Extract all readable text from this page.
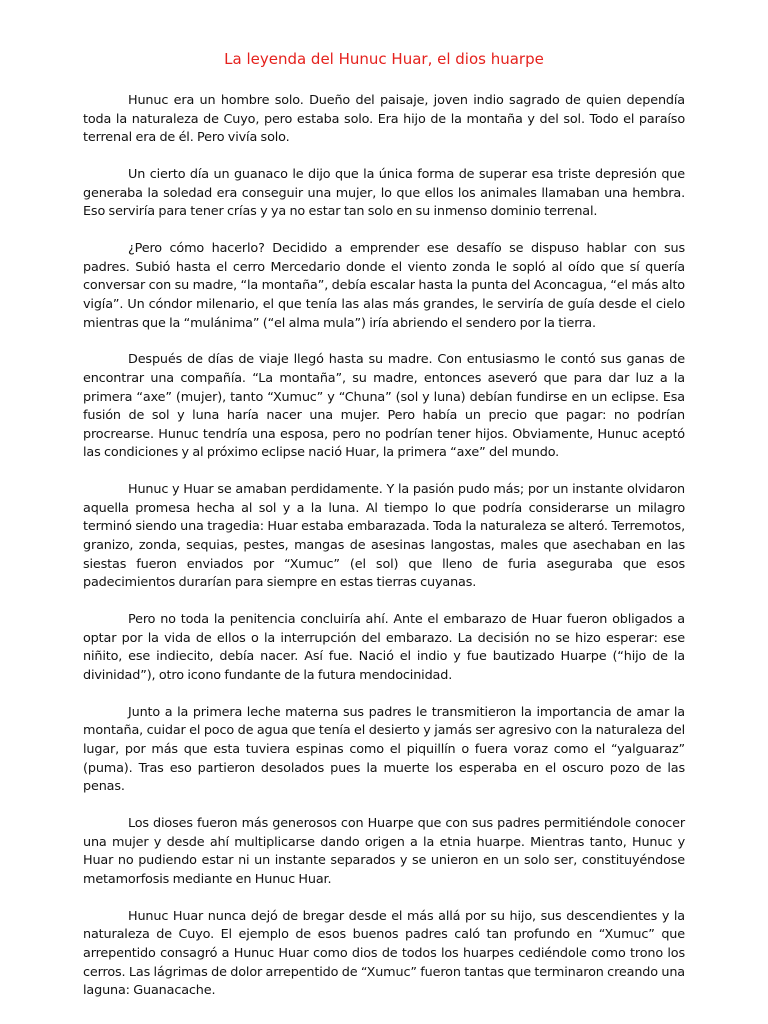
La leyenda del Hunuc Huar, el dios huarpe

Hunuc era un hombre solo. Dueño del paisaje, joven indio sagrado de quien dependía toda la naturaleza de Cuyo, pero estaba solo. Era hijo de la montaña y del sol. Todo el paraíso terrenal era de él. Pero vivía solo.

Un cierto día un guanaco le dijo que la única forma de superar esa triste depresión que generaba la soledad era conseguir una mujer, lo que ellos los animales llamaban una hembra. Eso serviría para tener crías y ya no estar tan solo en su inmenso dominio terrenal.

¿Pero cómo hacerlo? Decidido a emprender ese desafío se dispuso hablar con sus padres. Subió hasta el cerro Mercedario donde el viento zonda le sopló al oído que sí quería conversar con su madre, “la montaña”, debía escalar hasta la punta del Aconcagua, “el más alto vigía”. Un cóndor milenario, el que tenía las alas más grandes, le serviría de guía desde el cielo mientras que la “mulánima” (“el alma mula”) iría abriendo el sendero por la tierra.

Después de días de viaje llegó hasta su madre. Con entusiasmo le contó sus ganas de encontrar una compañía. “La montaña”, su madre, entonces aseveró que para dar luz a la primera “axe” (mujer), tanto “Xumuc” y “Chuna” (sol y luna) debían fundirse en un eclipse. Esa fusión de sol y luna haría nacer una mujer. Pero había un precio que pagar: no podrían procrearse. Hunuc tendría una esposa, pero no podrían tener hijos. Obviamente, Hunuc aceptó las condiciones y al próximo eclipse nació Huar, la primera “axe” del mundo.

Hunuc y Huar se amaban perdidamente. Y la pasión pudo más; por un instante olvidaron aquella promesa hecha al sol y a la luna. Al tiempo lo que podría considerarse un milagro terminó siendo una tragedia: Huar estaba embarazada. Toda la naturaleza se alteró. Terremotos, granizo, zonda, sequias, pestes, mangas de asesinas langostas, males que asechaban en las siestas fueron enviados por “Xumuc” (el sol) que lleno de furia aseguraba que esos padecimientos durarían para siempre en estas tierras cuyanas.

Pero no toda la penitencia concluiría ahí. Ante el embarazo de Huar fueron obligados a optar por la vida de ellos o la interrupción del embarazo. La decisión no se hizo esperar: ese niñito, ese indiecito, debía nacer. Así fue. Nació el indio y fue bautizado Huarpe (“hijo de la divinidad”), otro icono fundante de la futura mendocinidad.

Junto a la primera leche materna sus padres le transmitieron la importancia de amar la montaña, cuidar el poco de agua que tenía el desierto y jamás ser agresivo con la naturaleza del lugar, por más que esta tuviera espinas como el piquillín o fuera voraz como el “yalguaraz” (puma). Tras eso partieron desolados pues la muerte los esperaba en el oscuro pozo de las penas.

Los dioses fueron más generosos con Huarpe que con sus padres permitiéndole conocer una mujer y desde ahí multiplicarse dando origen a la etnia huarpe. Mientras tanto, Hunuc y Huar no pudiendo estar ni un instante separados y se unieron en un solo ser, constituyéndose metamorfosis mediante en Hunuc Huar.

Hunuc Huar nunca dejó de bregar desde el más allá por su hijo, sus descendientes y la naturaleza de Cuyo. El ejemplo de esos buenos padres caló tan profundo en “Xumuc” que arrepentido consagró a Hunuc Huar como dios de todos los huarpes cediéndole como trono los cerros. Las lágrimas de dolor arrepentido de “Xumuc” fueron tantas que terminaron creando una laguna: Guanacache.
